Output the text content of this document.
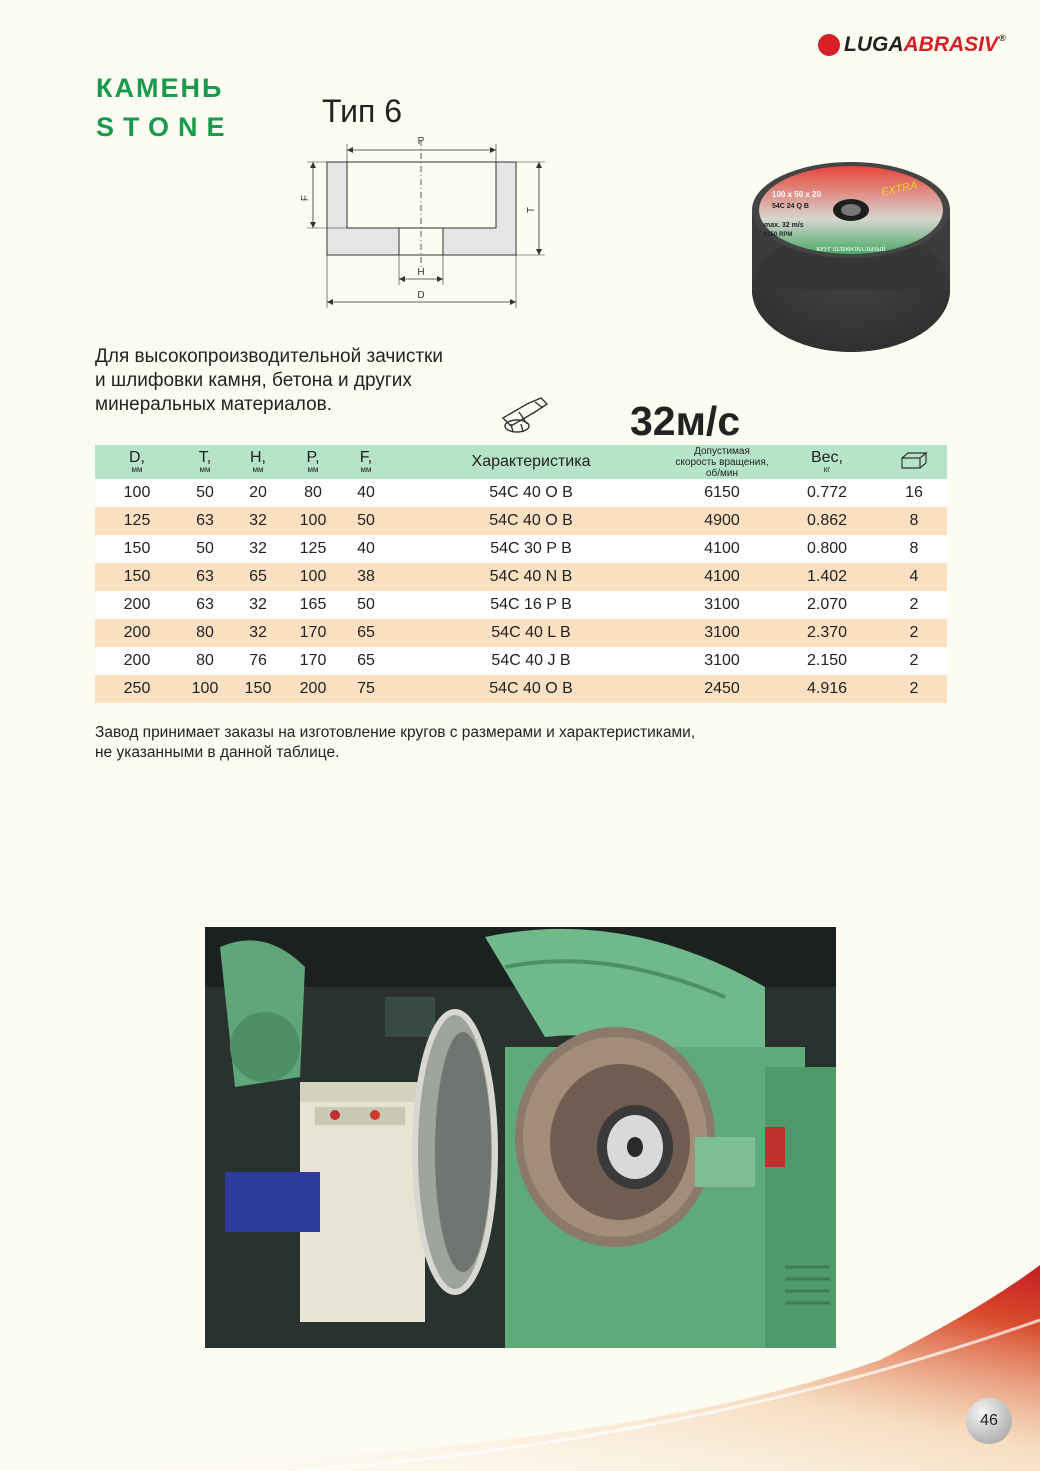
LUGAABRASIV®
КАМЕНЬ
STONE	Тип 6
P
F
T
H
D
100 x 50 x 20
54C 24 Q B
max. 32 m/s
6150 RPM
EXTRA
КРУГ ШЛИФОВАЛЬНЫЙ
Для высокопроизводительной зачистки
и шлифовки камня, бетона и других
минеральных материалов.	32м/с
D,
мм	T,
мм	H,
мм	P,
мм	F,
мм	Характеристика	Допустимая
скорость вращения,
об/мин	Вес,
кг

100	50	20	80	40	54C 40 O B	6150	0.772	16
125	63	32	100	50	54C 40 O B	4900	0.862	8
150	50	32	125	40	54C 30 P B	4100	0.800	8
150	63	65	100	38	54C 40 N B	4100	1.402	4
200	63	32	165	50	54C 16 P B	3100	2.070	2
200	80	32	170	65	54C 40 L B	3100	2.370	2
200	80	76	170	65	54C 40 J B	3100	2.150	2
250	100	150	200	75	54C 40 O B	2450	4.916	2
Завод принимает заказы на изготовление кругов с размерами и характеристиками,
не указанными в данной таблице.
46
